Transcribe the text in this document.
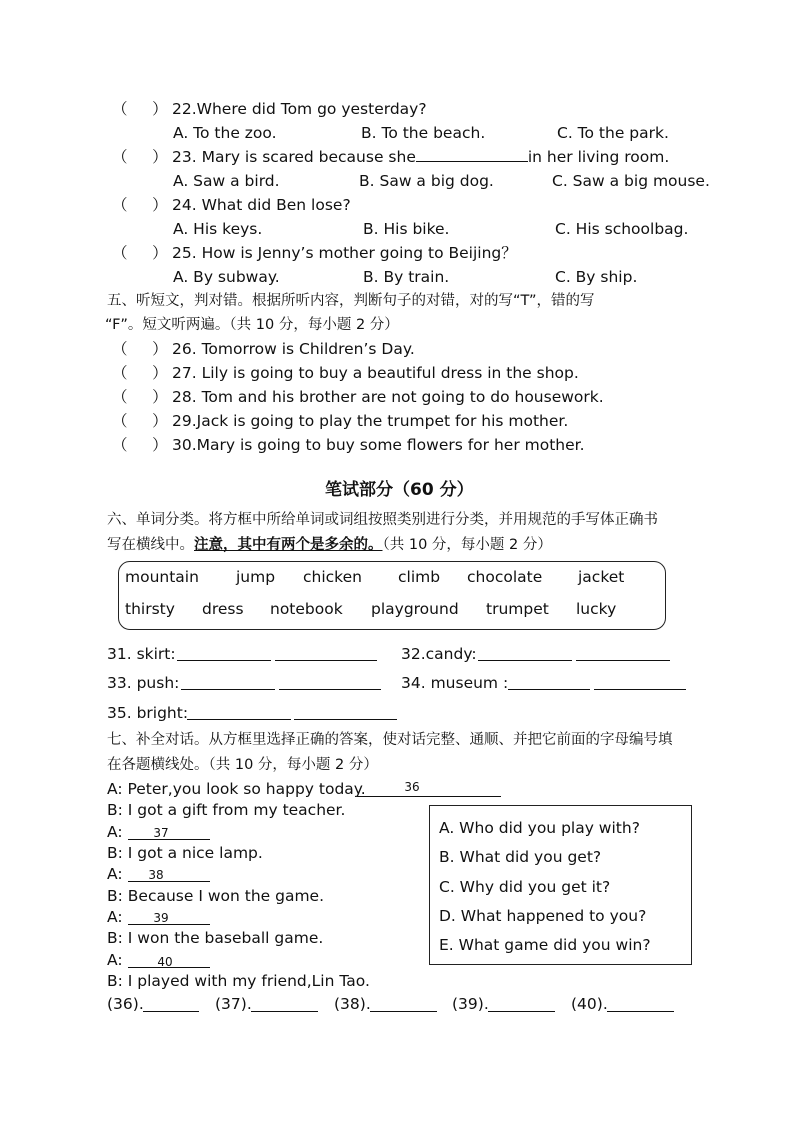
（     ） 22.Where did Tom go yesterday?
A. To the zoo.	B. To the beach.	C. To the park.
（     ） 23. Mary is scared because she	in her living room.
A. Saw a bird.	B. Saw a big dog.	C. Saw a big mouse.
（     ） 24. What did Ben lose?
A. His keys.	B. His bike.	C. His schoolbag.
（     ） 25. How is Jenny’s mother going to Beijing？
A. By subway.	B. By train.	C. By ship.
五、听短文，判对错。根据所听内容，判断句子的对错，对的写“T”，错的写
“F”。短文听两遍。（共 10 分，每小题 2 分）
（     ） 26. Tomorrow is Children’s Day.
（     ） 27. Lily is going to buy a beautiful dress in the shop.
（     ） 28. Tom and his brother are not going to do housework.
（     ） 29.Jack is going to play the trumpet for his mother.
（     ） 30.Mary is going to buy some flowers for her mother.
笔试部分（60 分）
六、单词分类。将方框中所给单词或词组按照类别进行分类，并用规范的手写体正确书
写在横线中。注意，其中有两个是多余的。（共 10 分，每小题 2 分）
mountain jump chicken climb chocolate jacket
thirsty dress notebook playground trumpet lucky
31. skirt:	32.candy:
33. push:	34. museum :
35. bright:
七、补全对话。从方框里选择正确的答案，使对话完整、通顺、并把它前面的字母编号填
在各题横线处。（共 10 分，每小题 2 分）
A: Peter,you look so happy today.	36
B: I got a gift from my teacher.
A:	37
B: I got a nice lamp.
A:	38
B: Because I won the game.
A:	39
B: I won the baseball game.
A:	40
B: I played with my friend,Lin Tao.
A. Who did you play with?
B. What did you get?
C. Why did you get it?
D. What happened to you?
E. What game did you win?
(36).	(37).	(38).	(39).	(40).
